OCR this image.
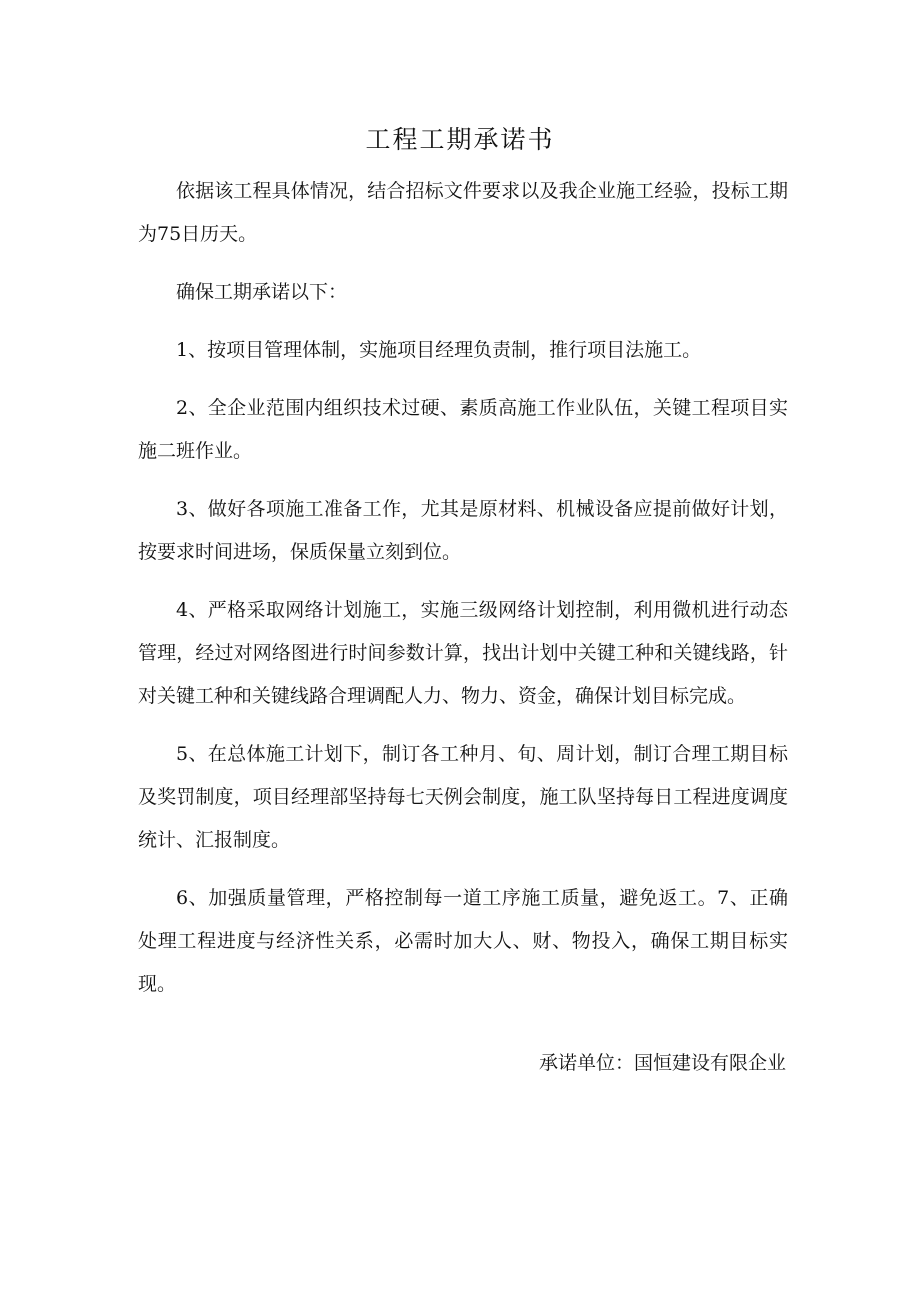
工程工期承诺书

依据该工程具体情况，结合招标文件要求以及我企业施工经验，投标工期为75日历天。

确保工期承诺以下：

1、按项目管理体制，实施项目经理负责制，推行项目法施工。

2、全企业范围内组织技术过硬、素质高施工作业队伍，关键工程项目实施二班作业。

3、做好各项施工准备工作，尤其是原材料、机械设备应提前做好计划，按要求时间进场，保质保量立刻到位。

4、严格采取网络计划施工，实施三级网络计划控制，利用微机进行动态管理，经过对网络图进行时间参数计算，找出计划中关键工种和关键线路，针对关键工种和关键线路合理调配人力、物力、资金，确保计划目标完成。

5、在总体施工计划下，制订各工种月、旬、周计划，制订合理工期目标及奖罚制度，项目经理部坚持每七天例会制度，施工队坚持每日工程进度调度统计、汇报制度。

6、加强质量管理，严格控制每一道工序施工质量，避免返工。7、正确处理工程进度与经济性关系，必需时加大人、财、物投入，确保工期目标实现。

承诺单位：国恒建设有限企业
